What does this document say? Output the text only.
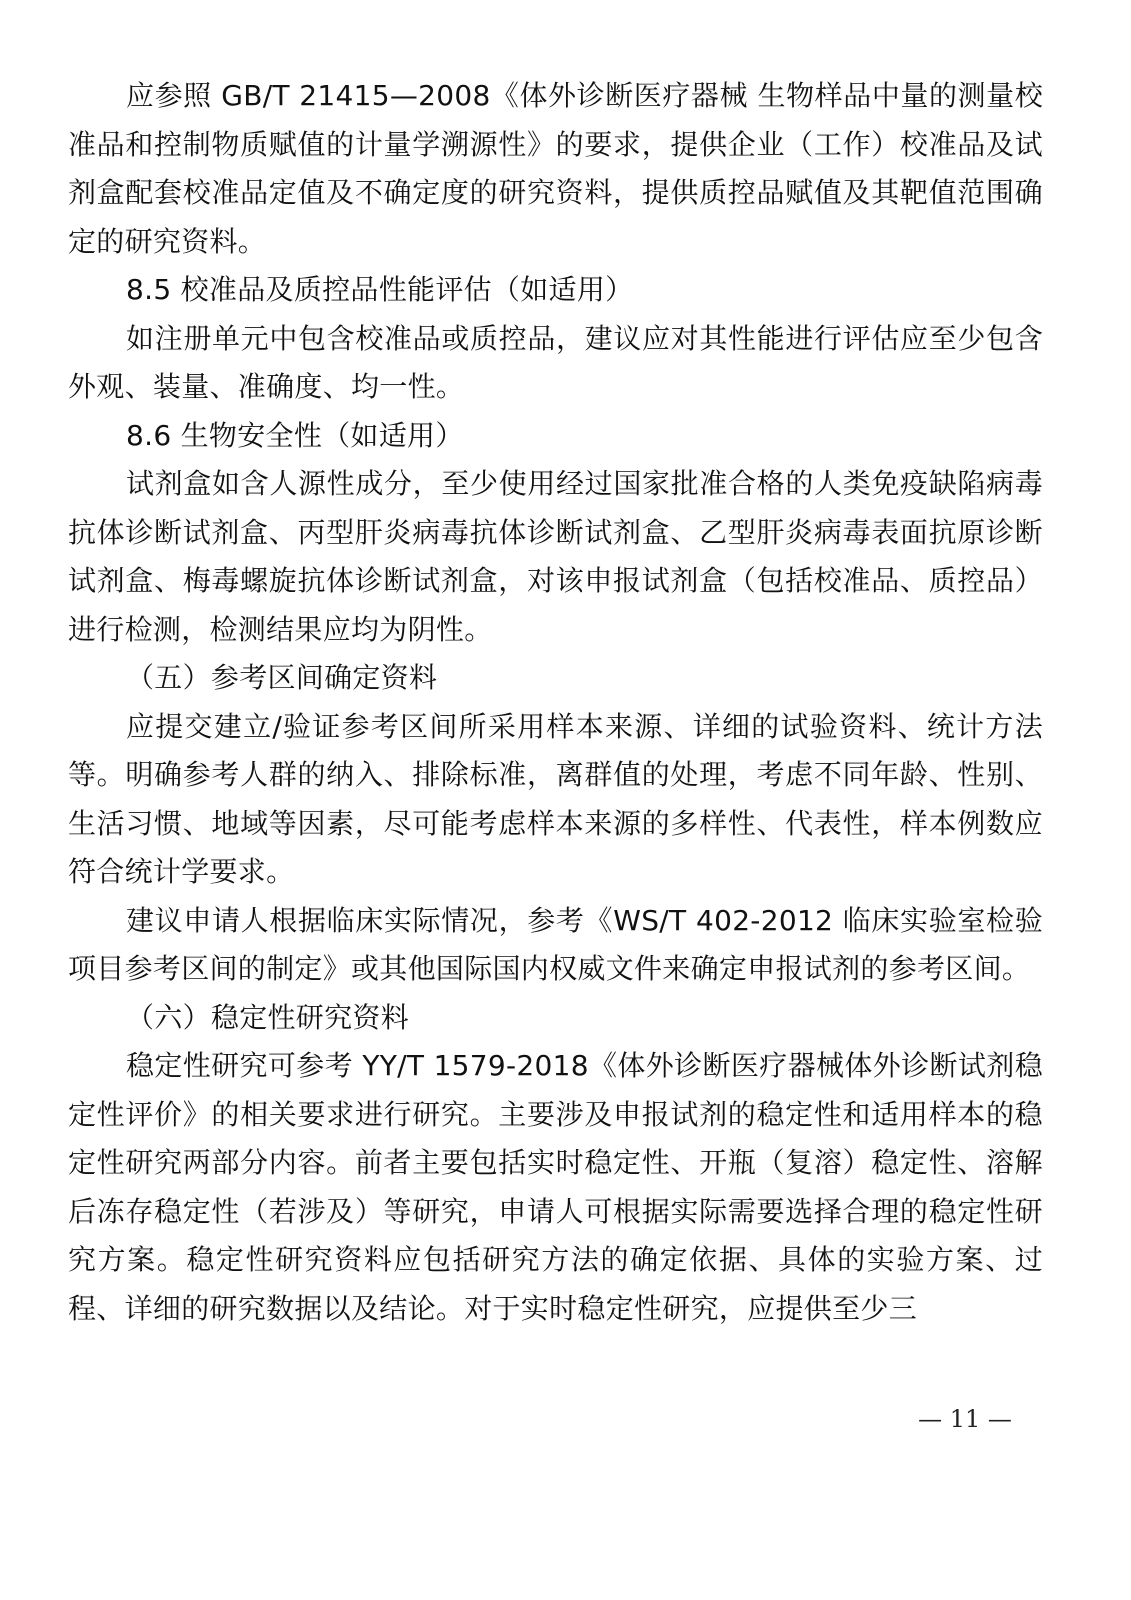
应参照 GB/T 21415—2008《体外诊断医疗器械 生物样品中量的测量校准品和控制物质赋值的计量学溯源性》的要求，提供企业（工作）校准品及试剂盒配套校准品定值及不确定度的研究资料，提供质控品赋值及其靶值范围确定的研究资料。

8.5 校准品及质控品性能评估（如适用）

如注册单元中包含校准品或质控品，建议应对其性能进行评估应至少包含外观、装量、准确度、均一性。

8.6 生物安全性（如适用）

试剂盒如含人源性成分，至少使用经过国家批准合格的人类免疫缺陷病毒抗体诊断试剂盒、丙型肝炎病毒抗体诊断试剂盒、乙型肝炎病毒表面抗原诊断试剂盒、梅毒螺旋抗体诊断试剂盒，对该申报试剂盒（包括校准品、质控品）进行检测，检测结果应均为阴性。

（五）参考区间确定资料

应提交建立/验证参考区间所采用样本来源、详细的试验资料、统计方法等。明确参考人群的纳入、排除标准，离群值的处理，考虑不同年龄、性别、生活习惯、地域等因素，尽可能考虑样本来源的多样性、代表性，样本例数应符合统计学要求。

建议申请人根据临床实际情况，参考《WS/T 402-2012 临床实验室检验项目参考区间的制定》或其他国际国内权威文件来确定申报试剂的参考区间。

（六）稳定性研究资料

稳定性研究可参考 YY/T 1579-2018《体外诊断医疗器械体外诊断试剂稳定性评价》的相关要求进行研究。主要涉及申报试剂的稳定性和适用样本的稳定性研究两部分内容。前者主要包括实时稳定性、开瓶（复溶）稳定性、溶解后冻存稳定性（若涉及）等研究，申请人可根据实际需要选择合理的稳定性研究方案。稳定性研究资料应包括研究方法的确定依据、具体的实验方案、过程、详细的研究数据以及结论。对于实时稳定性研究，应提供至少三

— 11 —
